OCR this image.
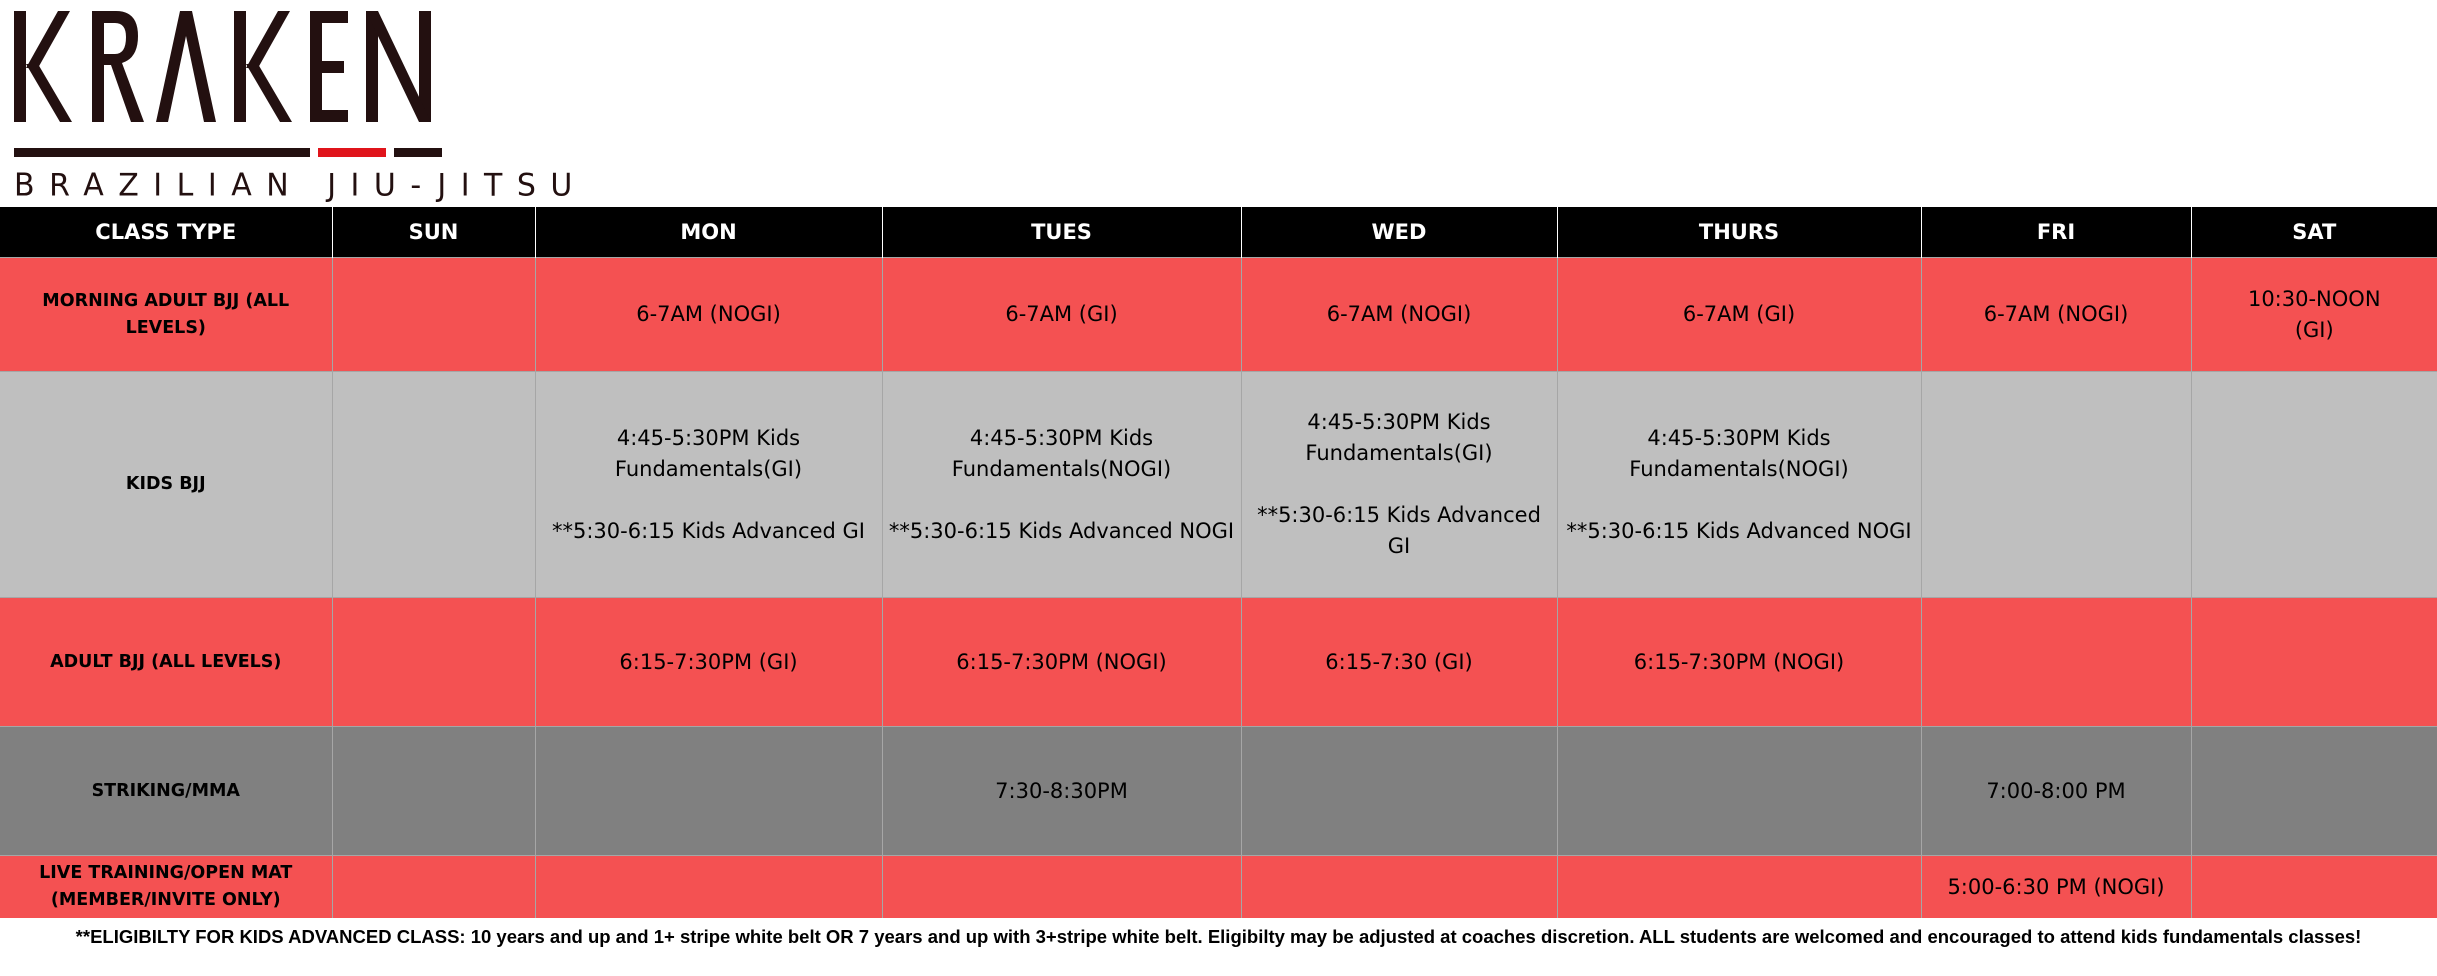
BRAZILIAN JIU-JITSU
CLASS TYPE	SUN	MON	TUES	WED	THURS	FRI	SAT
MORNING ADULT BJJ (ALL LEVELS)		6-7AM (NOGI)	6-7AM (GI)	6-7AM (NOGI)	6-7AM (GI)	6-7AM (NOGI)	10:30-NOON
(GI)

KIDS BJJ		4:45-5:30PM Kids
Fundamentals(GI)
**5:30-6:15 Kids Advanced GI	4:45-5:30PM Kids
Fundamentals(NOGI)
**5:30-6:15 Kids Advanced NOGI	4:45-5:30PM Kids
Fundamentals(GI)
**5:30-6:15 Kids Advanced GI	4:45-5:30PM Kids
Fundamentals(NOGI)
**5:30-6:15 Kids Advanced NOGI		

ADULT BJJ (ALL LEVELS)		6:15-7:30PM (GI)	6:15-7:30PM (NOGI)	6:15-7:30 (GI)	6:15-7:30PM (NOGI)		

STRIKING/MMA			7:30-8:30PM			7:00-8:00 PM	

LIVE TRAINING/OPEN MAT
(MEMBER/INVITE ONLY)						5:00-6:30 PM (NOGI)	

**ELIGIBILTY FOR KIDS ADVANCED CLASS: 10 years and up and 1+ stripe white belt OR 7 years and up with 3+stripe white belt. Eligibilty may be adjusted at coaches discretion. ALL students are welcomed and encouraged to attend kids fundamentals classes!
